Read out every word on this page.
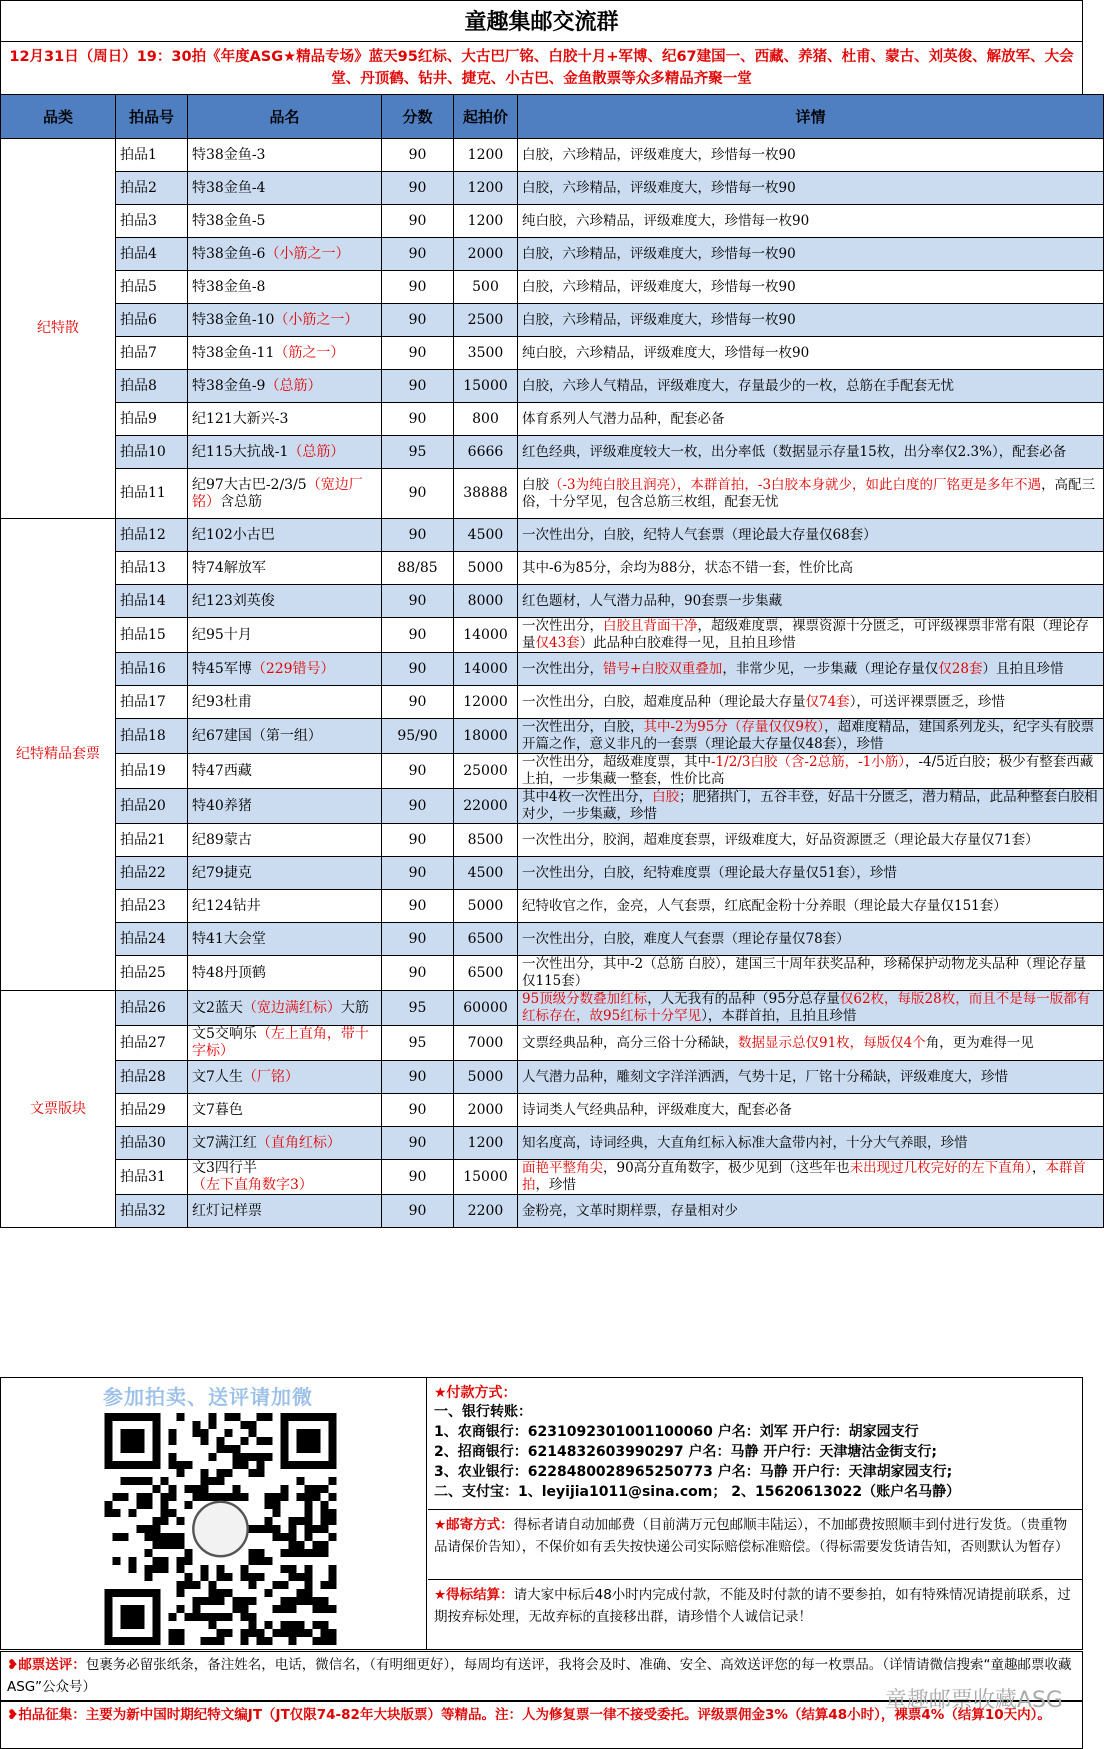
童趣集邮交流群
12月31日（周日）19：30拍《年度ASG★精品专场》蓝天95红标、大古巴厂铭、白胶十月+军博、纪67建国一、西藏、养猪、杜甫、蒙古、刘英俊、解放军、大会堂、丹顶鹤、钻井、捷克、小古巴、金鱼散票等众多精品齐聚一堂
品类	拍品号	品名	分数	起拍价	详情
纪特散	拍品1	特38金鱼-3	90	1200	白胶，六珍精品，评级难度大，珍惜每一枚90
	拍品2	特38金鱼-4	90	1200	白胶，六珍精品，评级难度大，珍惜每一枚90
	拍品3	特38金鱼-5	90	1200	纯白胶，六珍精品，评级难度大，珍惜每一枚90
	拍品4	特38金鱼-6（小筋之一）	90	2000	白胶，六珍精品，评级难度大，珍惜每一枚90
	拍品5	特38金鱼-8	90	500	白胶，六珍精品，评级难度大，珍惜每一枚90
	拍品6	特38金鱼-10（小筋之一）	90	2500	白胶，六珍精品，评级难度大，珍惜每一枚90
	拍品7	特38金鱼-11（筋之一）	90	3500	纯白胶，六珍精品，评级难度大，珍惜每一枚90
	拍品8	特38金鱼-9（总筋）	90	15000	白胶，六珍人气精品，评级难度大，存量最少的一枚，总筋在手配套无忧
	拍品9	纪121大新兴-3	90	800	体育系列人气潜力品种，配套必备
	拍品10	纪115大抗战-1（总筋）	95	6666	红色经典，评级难度较大一枚，出分率低（数据显示存量15枚，出分率仅2.3%），配套必备
	拍品11	纪97大古巴-2/3/5（宽边厂铭）含总筋	90	38888	白胶（-3为纯白胶且润亮），本群首拍，-3白胶本身就少，如此白度的厂铭更是多年不遇，高配三俗，十分罕见，包含总筋三枚组，配套无忧
纪特精品套票	拍品12	纪102小古巴	90	4500	一次性出分，白胶，纪特人气套票（理论最大存量仅68套）
	拍品13	特74解放军	88/85	5000	其中-6为85分，余均为88分，状态不错一套，性价比高
	拍品14	纪123刘英俊	90	8000	红色题材，人气潜力品种，90套票一步集藏
	拍品15	纪95十月	90	14000	一次性出分，白胶且背面干净，超级难度票，裸票资源十分匮乏，可评级裸票非常有限（理论存量仅43套）此品种白胶难得一见，且拍且珍惜
	拍品16	特45军博（229错号）	90	14000	一次性出分，错号+白胶双重叠加，非常少见，一步集藏（理论存量仅仅28套）且拍且珍惜
	拍品17	纪93杜甫	90	12000	一次性出分，白胶，超难度品种（理论最大存量仅74套），可送评裸票匮乏，珍惜
	拍品18	纪67建国（第一组）	95/90	18000	一次性出分，白胶，其中-2为95分（存量仅仅9枚），超难度精品，建国系列龙头，纪字头有胶票开篇之作，意义非凡的一套票（理论最大存量仅48套），珍惜
	拍品19	特47西藏	90	25000	一次性出分，超级难度票，其中-1/2/3白胶（含-2总筋，-1小筋），-4/5近白胶；极少有整套西藏上拍，一步集藏一整套，性价比高
	拍品20	特40养猪	90	22000	其中4枚一次性出分，白胶；肥猪拱门，五谷丰登，好品十分匮乏，潜力精品，此品种整套白胶相对少，一步集藏，珍惜
	拍品21	纪89蒙古	90	8500	一次性出分，胶润，超难度套票，评级难度大，好品资源匮乏（理论最大存量仅71套）
	拍品22	纪79捷克	90	4500	一次性出分，白胶，纪特难度票（理论最大存量仅51套），珍惜
	拍品23	纪124钻井	90	5000	纪特收官之作，金亮，人气套票，红底配金粉十分养眼（理论最大存量仅151套）
	拍品24	特41大会堂	90	6500	一次性出分，白胶，难度人气套票（理论存量仅78套）
	拍品25	特48丹顶鹤	90	6500	一次性出分，其中-2（总筋 白胶），建国三十周年获奖品种，珍稀保护动物龙头品种（理论存量仅115套）
文票版块	拍品26	文2蓝天（宽边满红标）大筋	95	60000	95顶级分数叠加红标，人无我有的品种（95分总存量仅62枚，每版28枚，而且不是每一版都有红标存在，故95红标十分罕见），本群首拍，且拍且珍惜
	拍品27	文5交响乐（左上直角，带十字标）	95	7000	文票经典品种，高分三俗十分稀缺，数据显示总仅91枚，每版仅4个角，更为难得一见
	拍品28	文7人生（厂铭）	90	5000	人气潜力品种，雕刻文字洋洋洒洒，气势十足，厂铭十分稀缺，评级难度大，珍惜
	拍品29	文7暮色	90	2000	诗词类人气经典品种，评级难度大，配套必备
	拍品30	文7满江红（直角红标）	90	1200	知名度高，诗词经典，大直角红标入标准大盒带内衬，十分大气养眼，珍惜
	拍品31	文3四行半（左下直角数字3）	90	15000	面艳平整角尖，90高分直角数字，极少见到（这些年也未出现过几枚完好的左下直角），本群首拍，珍惜
	拍品32	红灯记样票	90	2200	金粉亮，文革时期样票，存量相对少
参加拍卖、送评请加微	★付款方式：
一、银行转账：
1、农商银行：6231092301001100060 户名：刘军 开户行：胡家园支行
2、招商银行：6214832603990297 户名：马静 开户行：天津塘沽金街支行;
3、农业银行：6228480028965250773 户名：马静 开户行：天津胡家园支行;
二、支付宝：1、leyijia1011@sina.com； 2、15620613022（账户名马静）
★邮寄方式：得标者请自动加邮费（目前满万元包邮顺丰陆运），不加邮费按照顺丰到付进行发货。（贵重物品请保价告知），不保价如有丢失按快递公司实际赔偿标准赔偿。（得标需要发货请告知，否则默认为暂存）
★得标结算：请大家中标后48小时内完成付款，不能及时付款的请不要参拍，如有特殊情况请提前联系，过期按弃标处理，无故弃标的直接移出群，请珍惜个人诚信记录！
❥邮票送评：包裹务必留张纸条，备注姓名，电话，微信名，（有明细更好），每周均有送评，我将会及时、准确、安全、高效送评您的每一枚票品。（详情请微信搜索“童趣邮票收藏ASG”公众号）
❥拍品征集：主要为新中国时期纪特文编JT（JT仅限74-82年大块版票）等精品。注：人为修复票一律不接受委托。评级票佣金3%（结算48小时），裸票4%（结算10天内）。
童趣邮票收藏ASG
